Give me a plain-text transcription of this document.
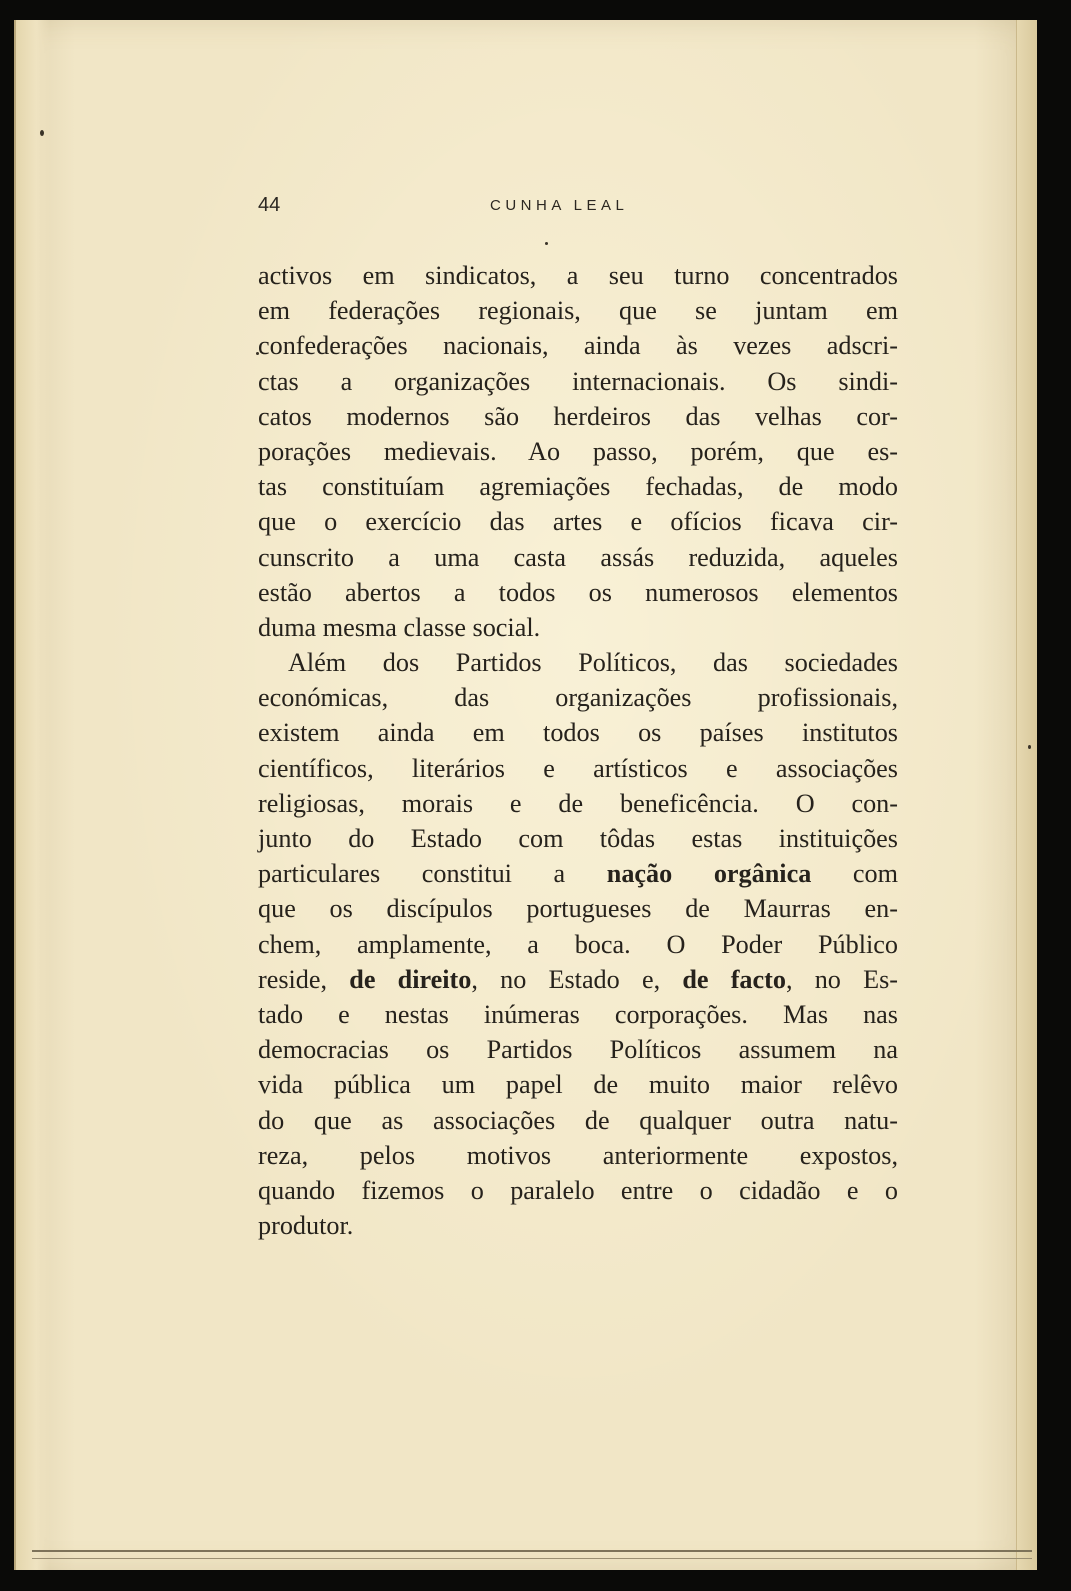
44	CUNHA LEAL
activos em sindicatos, a seu turno concentrados
em federações regionais, que se juntam em
confederações nacionais, ainda às vezes adscri-
ctas a organizações internacionais. Os sindi-
catos modernos são herdeiros das velhas cor-
porações medievais. Ao passo, porém, que es-
tas constituíam agremiações fechadas, de modo
que o exercício das artes e ofícios ficava cir-
cunscrito a uma casta assás reduzida, aqueles
estão abertos a todos os numerosos elementos
duma mesma classe social.
Além dos Partidos Políticos, das sociedades
económicas, das organizações profissionais,
existem ainda em todos os países institutos
científicos, literários e artísticos e associações
religiosas, morais e de beneficência. O con-
junto do Estado com tôdas estas instituições
particulares constitui a nação orgânica com
que os discípulos portugueses de Maurras en-
chem, amplamente, a boca. O Poder Público
reside, de direito, no Estado e, de facto, no Es-
tado e nestas inúmeras corporações. Mas nas
democracias os Partidos Políticos assumem na
vida pública um papel de muito maior relêvo
do que as associações de qualquer outra natu-
reza, pelos motivos anteriormente expostos,
quando fizemos o paralelo entre o cidadão e o
produtor.
